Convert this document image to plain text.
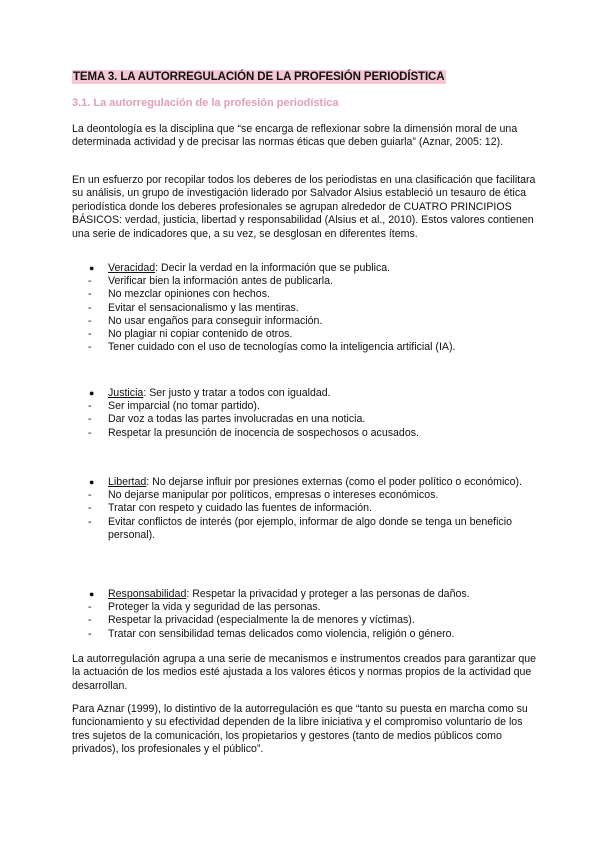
TEMA 3. LA AUTORREGULACIÓN DE LA PROFESIÓN PERIODÍSTICA
3.1. La autorregulación de la profesión periodística

La deontología es la disciplina que “se encarga de reflexionar sobre la dimensión moral de una determinada actividad y de precisar las normas éticas que deben guiarla” (Aznar, 2005: 12).

En un esfuerzo por recopilar todos los deberes de los periodistas en una clasificación que facilitara su análisis, un grupo de investigación liderado por Salvador Alsius estableció un tesauro de ética periodística donde los deberes profesionales se agrupan alrededor de CUATRO PRINCIPIOS BÁSICOS: verdad, justicia, libertad y responsabilidad (Alsius et al., 2010). Estos valores contienen una serie de indicadores que, a su vez, se desglosan en diferentes ítems.

●	Veracidad: Decir la verdad en la información que se publica.
-	Verificar bien la información antes de publicarla.
-	No mezclar opiniones con hechos.
-	Evitar el sensacionalismo y las mentiras.
-	No usar engaños para conseguir información.
-	No plagiar ni copiar contenido de otros.
-	Tener cuidado con el uso de tecnologías como la inteligencia artificial (IA).
●	Justicia: Ser justo y tratar a todos con igualdad.
-	Ser imparcial (no tomar partido).
-	Dar voz a todas las partes involucradas en una noticia.
-	Respetar la presunción de inocencia de sospechosos o acusados.
●	Libertad: No dejarse influir por presiones externas (como el poder político o económico).
-	No dejarse manipular por políticos, empresas o intereses económicos.
-	Tratar con respeto y cuidado las fuentes de información.
-	Evitar conflictos de interés (por ejemplo, informar de algo donde se tenga un beneficio personal).
●	Responsabilidad: Respetar la privacidad y proteger a las personas de daños.
-	Proteger la vida y seguridad de las personas.
-	Respetar la privacidad (especialmente la de menores y víctimas).
-	Tratar con sensibilidad temas delicados como violencia, religión o género.

La autorregulación agrupa a una serie de mecanismos e instrumentos creados para garantizar que la actuación de los medios esté ajustada a los valores éticos y normas propios de la actividad que desarrollan.

Para Aznar (1999), lo distintivo de la autorregulación es que “tanto su puesta en marcha como su funcionamiento y su efectividad dependen de la libre iniciativa y el compromiso voluntario de los tres sujetos de la comunicación, los propietarios y gestores (tanto de medios públicos como privados), los profesionales y el público”.
